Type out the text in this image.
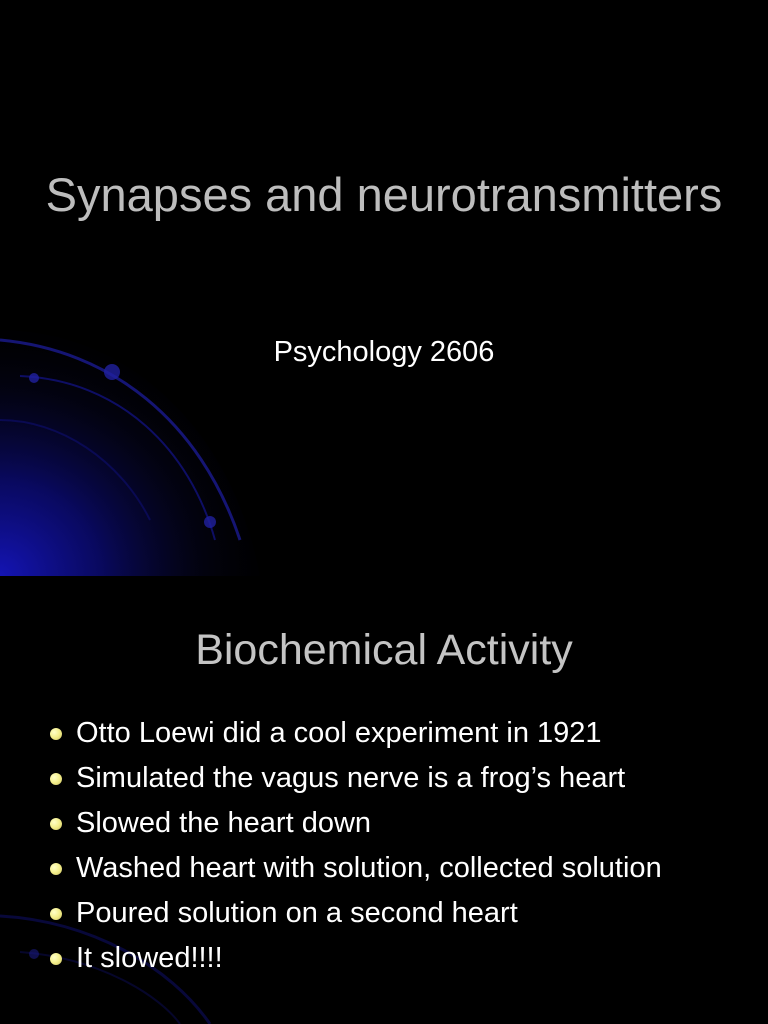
Synapses and neurotransmitters

Psychology 2606

Biochemical Activity
Otto Loewi did a cool experiment in 1921
Simulated the vagus nerve is a frog’s heart
Slowed the heart down
Washed heart with solution, collected solution
Poured solution on a second heart
It slowed!!!!
